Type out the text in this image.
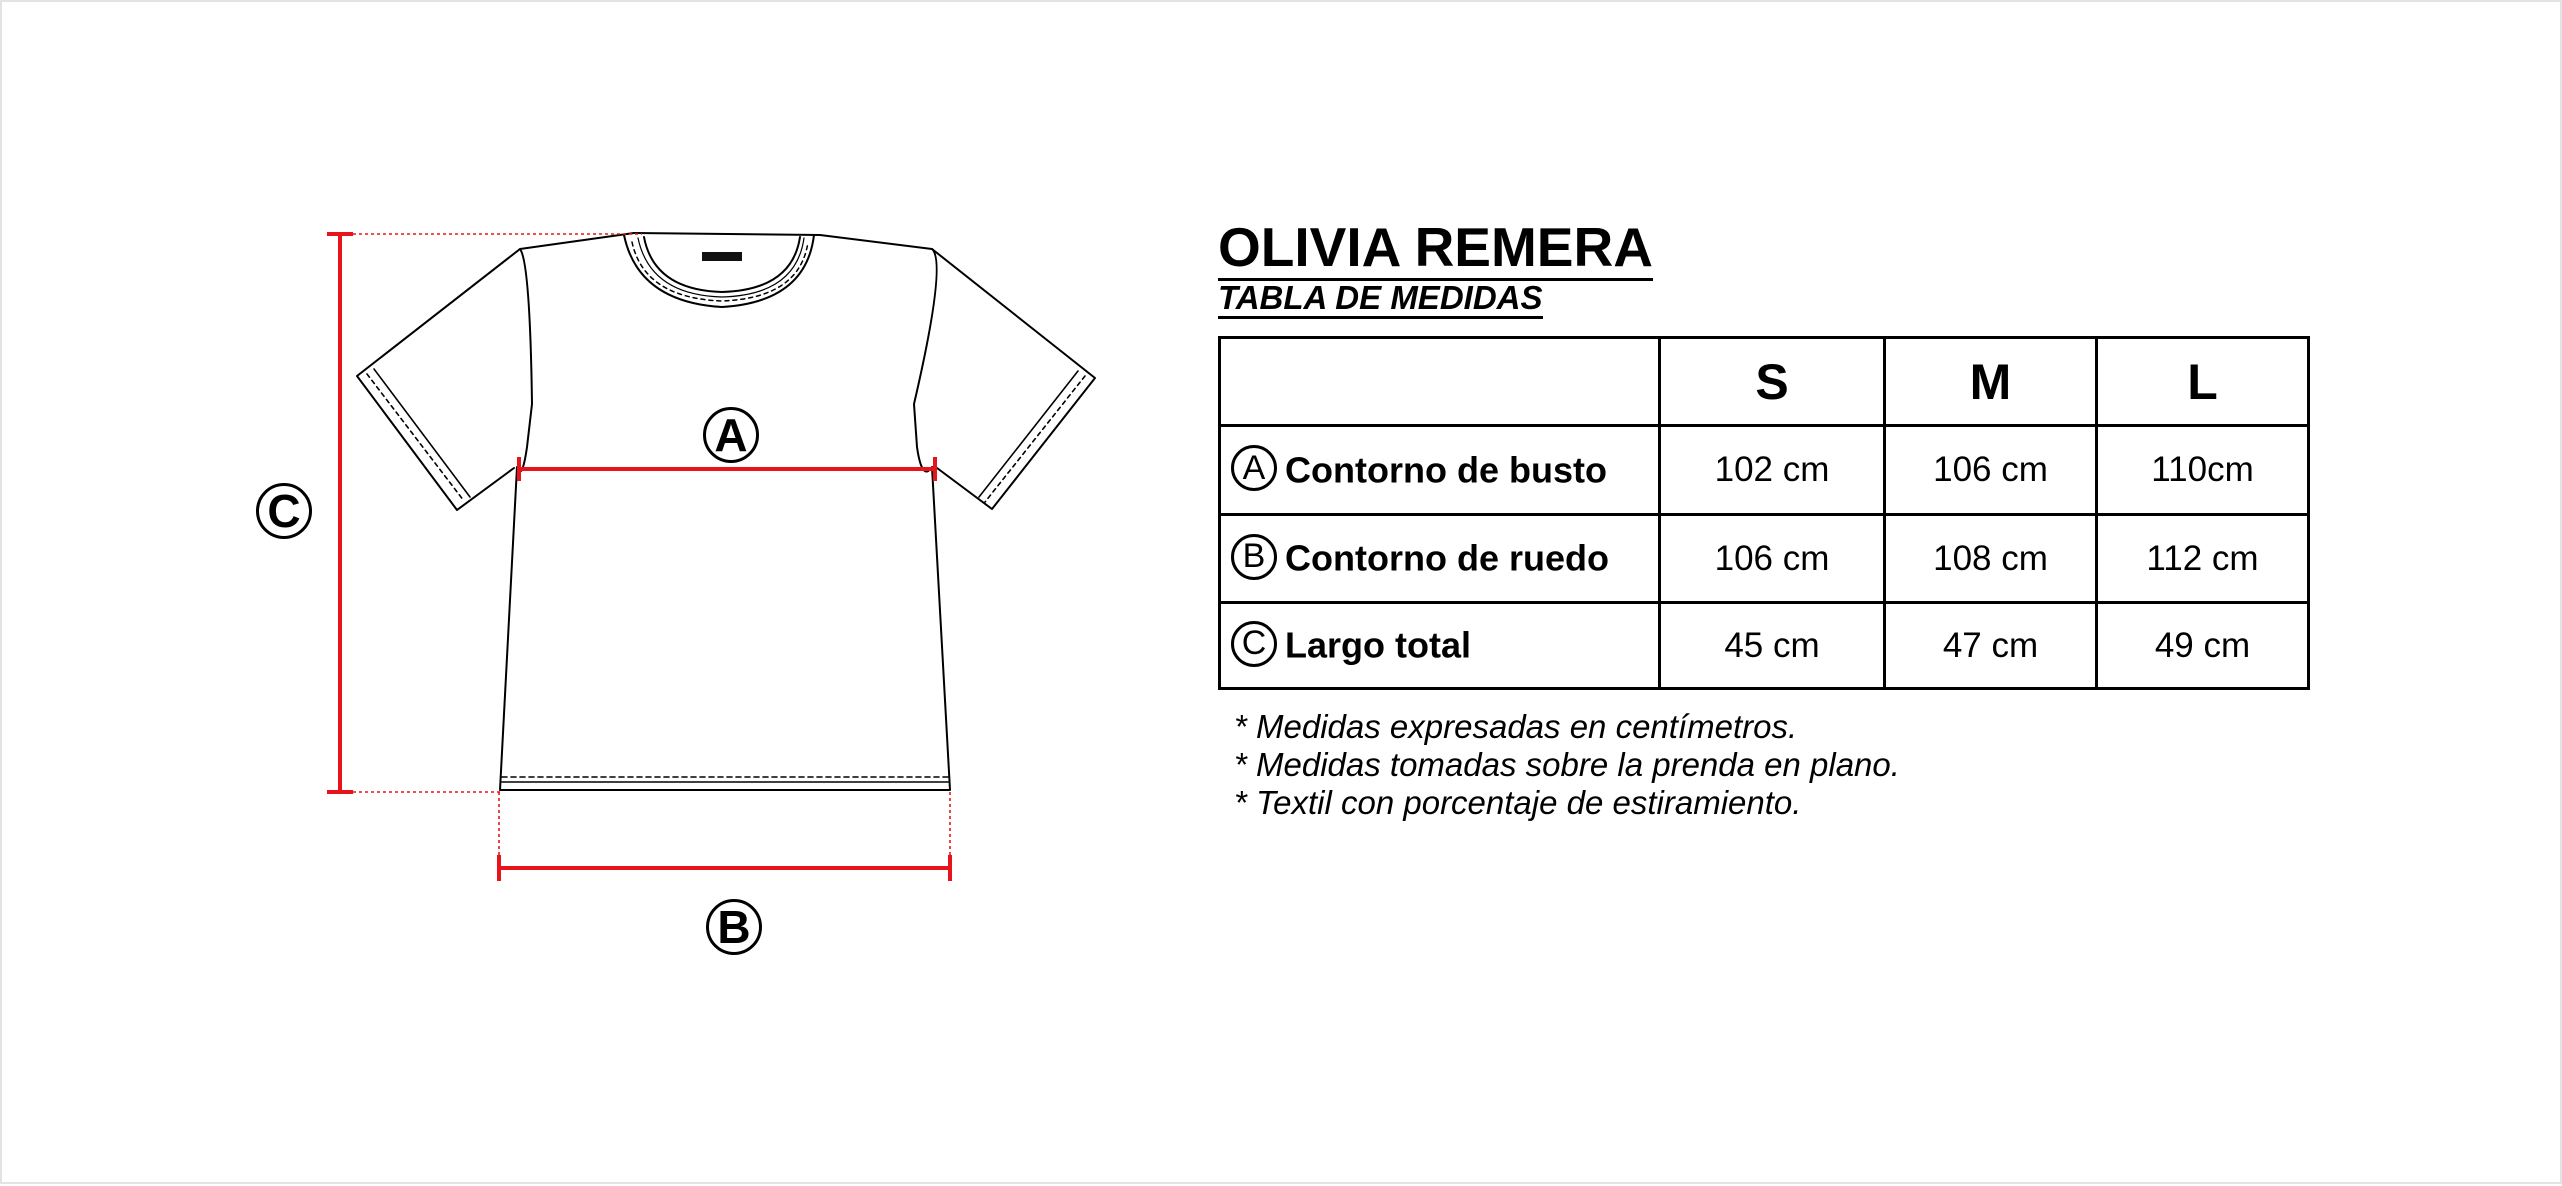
A
B
C
OLIVIA REMERA
TABLA DE MEDIDAS
	S	M	L
A Contorno de busto	102 cm	106 cm	110cm
B Contorno de ruedo	106 cm	108 cm	112 cm
C Largo total	45 cm	47 cm	49 cm
* Medidas expresadas en centímetros.
* Medidas tomadas sobre la prenda en plano.
* Textil con porcentaje de estiramiento.
